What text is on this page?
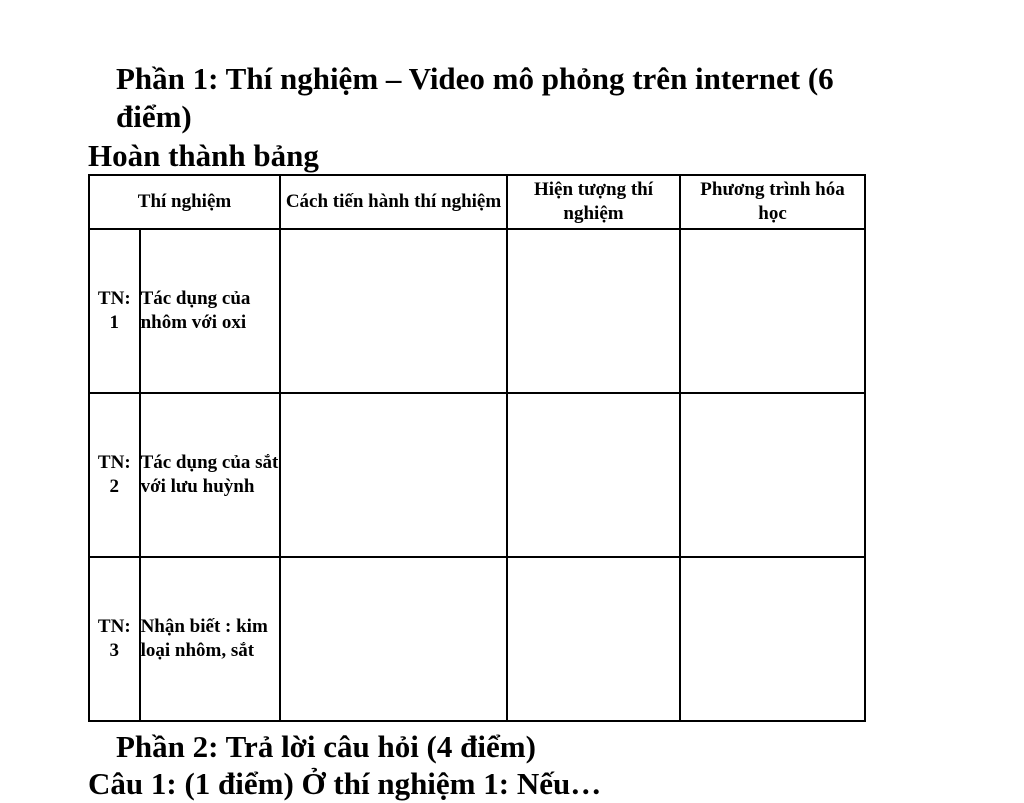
Phần 1: Thí nghiệm – Video mô phỏng trên internet (6 điểm)
Hoàn thành bảng
Thí nghiệm		Cách tiến hành thí nghiệm	Hiện tượng thí nghiệm	Phương trình hóa học

TN:
1	Tác dụng của nhôm với oxi			

TN:
2	Tác dụng của sắt với lưu huỳnh			

TN:
3	Nhận biết : kim loại nhôm, sắt			
Phần 2: Trả lời câu hỏi (4 điểm)
Câu 1: (1 điểm) Ở thí nghiệm 1: Nếu…
